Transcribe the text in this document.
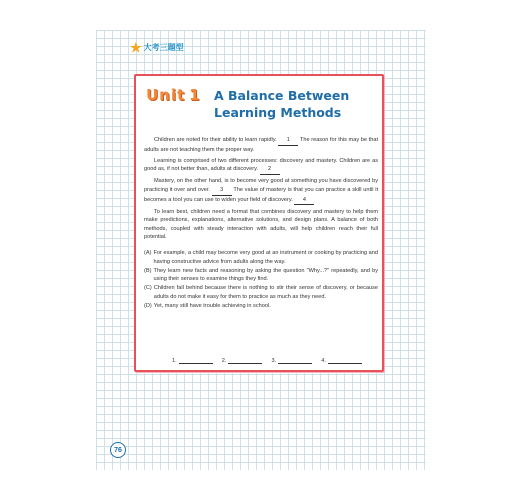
★ 大考三題型
Unit 1 A Balance Between Learning Methods

Children are noted for their ability to learn rapidly. 1 The reason for this may be that adults are not teaching them the proper way.

Learning is comprised of two different processes: discovery and mastery. Children are as good as, if not better than, adults at discovery. 2

Mastery, on the other hand, is to become very good at something you have discovered by practicing it over and over. 3 The value of mastery is that you can practice a skill until it becomes a tool you can use to widen your field of discovery. 4

To learn best, children need a format that combines discovery and mastery to help them make predictions, explanations, alternative solutions, and design plans. A balance of both methods, coupled with steady interaction with adults, will help children reach their full potential.

(A) For example, a child may become very good at an instrument or cooking by practicing and having constructive advice from adults along the way.
(B) They learn new facts and reasoning by asking the question "Why...?" repeatedly, and by using their senses to examine things they find.
(C) Children fall behind because there is nothing to stir their sense of discovery, or because adults do not make it easy for them to practice as much as they need.
(D) Yet, many still have trouble achieving in school.
1.	2.	3.	4.
76
